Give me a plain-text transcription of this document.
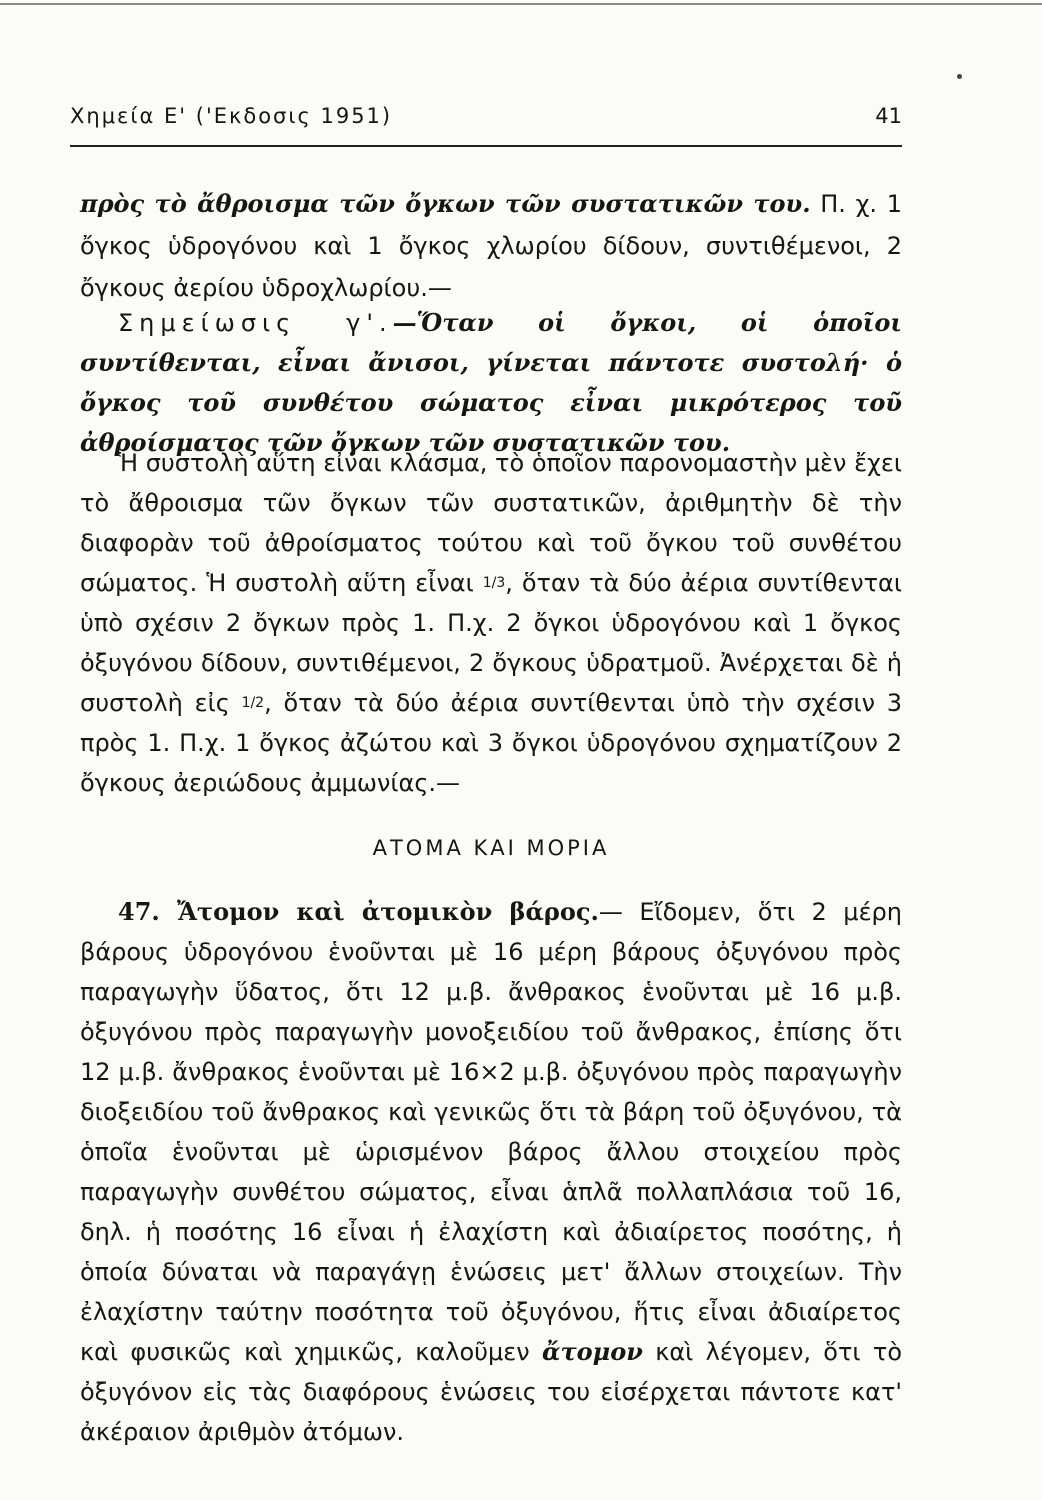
Χημεία Ε' ('Εκδοσις 1951)	41

πρὸς τὸ ἄθροισμα τῶν ὄγκων τῶν συστατικῶν του. Π. χ. 1 ὄγκος ὑδρογόνου καὶ 1 ὄγκος χλωρίου δίδουν, συντιθέμενοι, 2 ὄγκους ἀερίου ὑδροχλωρίου.—

Σημείωσις γ'.—Ὅταν οἱ ὄγκοι, οἱ ὁποῖοι συντίθενται, εἶναι ἄνισοι, γίνεται πάντοτε συστολή· ὁ ὄγκος τοῦ συνθέτου σώματος εἶναι μικρότερος τοῦ ἀθροίσματος τῶν ὄγκων τῶν συστατικῶν του.

Ἡ συστολὴ αὕτη εἶναι κλάσμα, τὸ ὁποῖον παρονομαστὴν μὲν ἔχει τὸ ἄθροισμα τῶν ὄγκων τῶν συστατικῶν, ἀριθμητὴν δὲ τὴν διαφορὰν τοῦ ἀθροίσματος τούτου καὶ τοῦ ὄγκου τοῦ συνθέτου σώματος. Ἡ συστολὴ αὕτη εἶναι 1/3, ὅταν τὰ δύο ἀέρια συντίθενται ὑπὸ σχέσιν 2 ὄγκων πρὸς 1. Π.χ. 2 ὄγκοι ὑδρογόνου καὶ 1 ὄγκος ὀξυγόνου δίδουν, συντιθέμενοι, 2 ὄγκους ὑδρατμοῦ. Ἀνέρχεται δὲ ἡ συστολὴ εἰς 1/2, ὅταν τὰ δύο ἀέρια συντίθενται ὑπὸ τὴν σχέσιν 3 πρὸς 1. Π.χ. 1 ὄγκος ἀζώτου καὶ 3 ὄγκοι ὑδρογόνου σχηματίζουν 2 ὄγκους ἀεριώδους ἀμμωνίας.—

ΑΤΟΜΑ ΚΑΙ ΜΟΡΙΑ

47. Ἄτομον καὶ ἀτομικὸν βάρος.— Εἴδομεν, ὅτι 2 μέρη βάρους ὑδρογόνου ἑνοῦνται μὲ 16 μέρη βάρους ὀξυγόνου πρὸς παραγωγὴν ὕδατος, ὅτι 12 μ.β. ἄνθρακος ἑνοῦνται μὲ 16 μ.β. ὀξυγόνου πρὸς παραγωγὴν μονοξειδίου τοῦ ἄνθρακος, ἐπίσης ὅτι 12 μ.β. ἄνθρακος ἑνοῦνται μὲ 16×2 μ.β. ὀξυγόνου πρὸς παραγωγὴν διοξειδίου τοῦ ἄνθρακος καὶ γενικῶς ὅτι τὰ βάρη τοῦ ὀξυγόνου, τὰ ὁποῖα ἑνοῦνται μὲ ὡρισμένον βάρος ἄλλου στοιχείου πρὸς παραγωγὴν συνθέτου σώματος, εἶναι ἁπλᾶ πολλαπλάσια τοῦ 16, δηλ. ἡ ποσότης 16 εἶναι ἡ ἐλαχίστη καὶ ἀδιαίρετος ποσότης, ἡ ὁποία δύναται νὰ παραγάγῃ ἑνώσεις μετ' ἄλλων στοιχείων. Τὴν ἐλαχίστην ταύτην ποσότητα τοῦ ὀξυγόνου, ἥτις εἶναι ἀδιαίρετος καὶ φυσικῶς καὶ χημικῶς, καλοῦμεν ἄτομον καὶ λέγομεν, ὅτι τὸ ὀξυγόνον εἰς τὰς διαφόρους ἑνώσεις του εἰσέρχεται πάντοτε κατ' ἀκέραιον ἀριθμὸν ἀτόμων.
